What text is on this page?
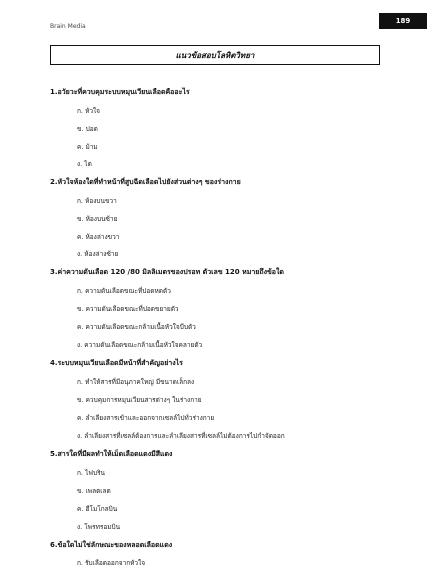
Brain Media
189
แนวข้อสอบโลหิตวิทยา
1.อวัยวะที่ควบคุมระบบหมุนเวียนเลือดคืออะไร
ก. หัวใจ
ข. ปอด
ค. ม้าม
ง. ไต
2.หัวใจห้องใดที่ทำหน้าที่สูบฉีดเลือดไปยังส่วนต่างๆ ของร่างกาย
ก. ห้องบนขวา
ข. ห้องบนซ้าย
ค. ห้องล่างขวา
ง. ห้องล่างซ้าย
3.ค่าความดันเลือด 120 /80 มิลลิเมตรของปรอท ตัวเลข 120 หมายถึงข้อใด
ก. ความดันเลือดขณะที่ปอดหดตัว
ข. ความดันเลือดขณะที่ปอดขยายตัว
ค. ความดันเลือดขณะกล้ามเนื้อหัวใจบีบตัว
ง. ความดันเลือดขณะกล้ามเนื้อหัวใจคลายตัว
4.ระบบหมุนเวียนเลือดมีหน้าที่สำคัญอย่างไร
ก. ทำให้สารที่มีอนุภาคใหญ่ มีขนาดเล็กลง
ข. ควบคุมการหมุนเวียนสารต่างๆ ในร่างกาย
ค. ลำเลียงสารเข้าและออกจากเซลล์ไปทั่วร่างกาย
ง. ลำเลียงสารที่เซลล์ต้องการและลำเลียงสารที่เซลล์ไม่ต้องการไปกำจัดออก
5.สารใดที่มีผลทำให้เม็ดเลือดแดงมีสีแดง
ก. ไฟบริน
ข. เพลตเลต
ค. ฮีโมโกลบิน
ง. โพรทรอมบิน
6.ข้อใดไม่ใช่ลักษณะของหลอดเลือดแดง
ก. รับเลือดออกจากหัวใจ
